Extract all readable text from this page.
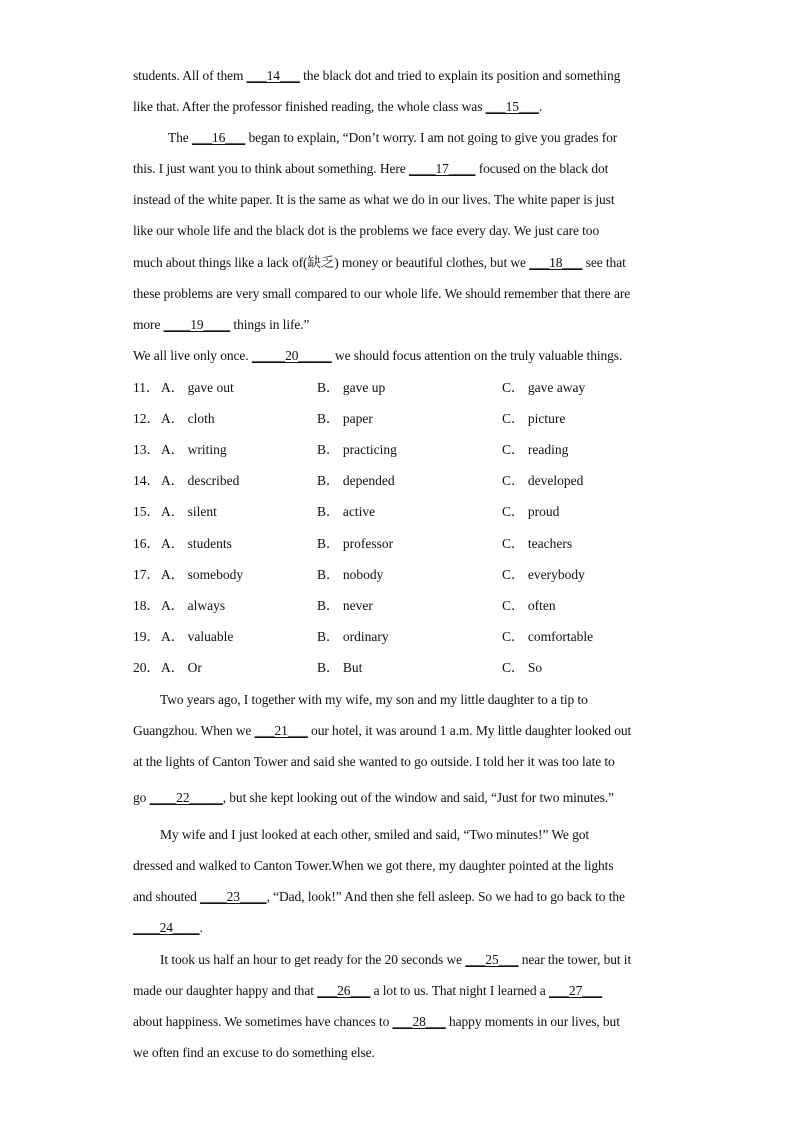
students. All of them ___14___ the black dot and tried to explain its position and something
like that. After the professor finished reading, the whole class was ___15___.
The ___16___ began to explain, “Don’t worry. I am not going to give you grades for
this. I just want you to think about something. Here ____17____ focused on the black dot
instead of the white paper. It is the same as what we do in our lives. The white paper is just
like our whole life and the black dot is the problems we face every day. We just care too
much about things like a lack of(缺乏) money or beautiful clothes, but we ___18___ see that
these problems are very small compared to our whole life. We should remember that there are
more ____19____ things in life.”
We all live only once. _____20_____ we should focus attention on the truly valuable things.
11． A． gave out	B． gave up	C． gave away
12． A． cloth	B． paper	C． picture
13． A． writing	B． practicing	C． reading
14． A． described	B． depended	C． developed
15． A． silent	B． active	C． proud
16． A． students	B． professor	C． teachers
17． A． somebody	B． nobody	C． everybody
18． A． always	B． never	C． often
19． A． valuable	B． ordinary	C． comfortable
20． A． Or	B． But	C． So
Two years ago, I together with my wife, my son and my little daughter to a tip to
Guangzhou. When we ___21___ our hotel, it was around 1 a.m. My little daughter looked out
at the lights of Canton Tower and said she wanted to go outside. I told her it was too late to
go ____22_____, but she kept looking out of the window and said, “Just for two minutes.”
My wife and I just looked at each other, smiled and said, “Two minutes!” We got
dressed and walked to Canton Tower.When we got there, my daughter pointed at the lights
and shouted ____23____, “Dad, look!” And then she fell asleep. So we had to go back to the
____24____.
It took us half an hour to get ready for the 20 seconds we ___25___ near the tower, but it
made our daughter happy and that ___26___ a lot to us. That night I learned a ___27___
about happiness. We sometimes have chances to ___28___ happy moments in our lives, but
we often find an excuse to do something else.
